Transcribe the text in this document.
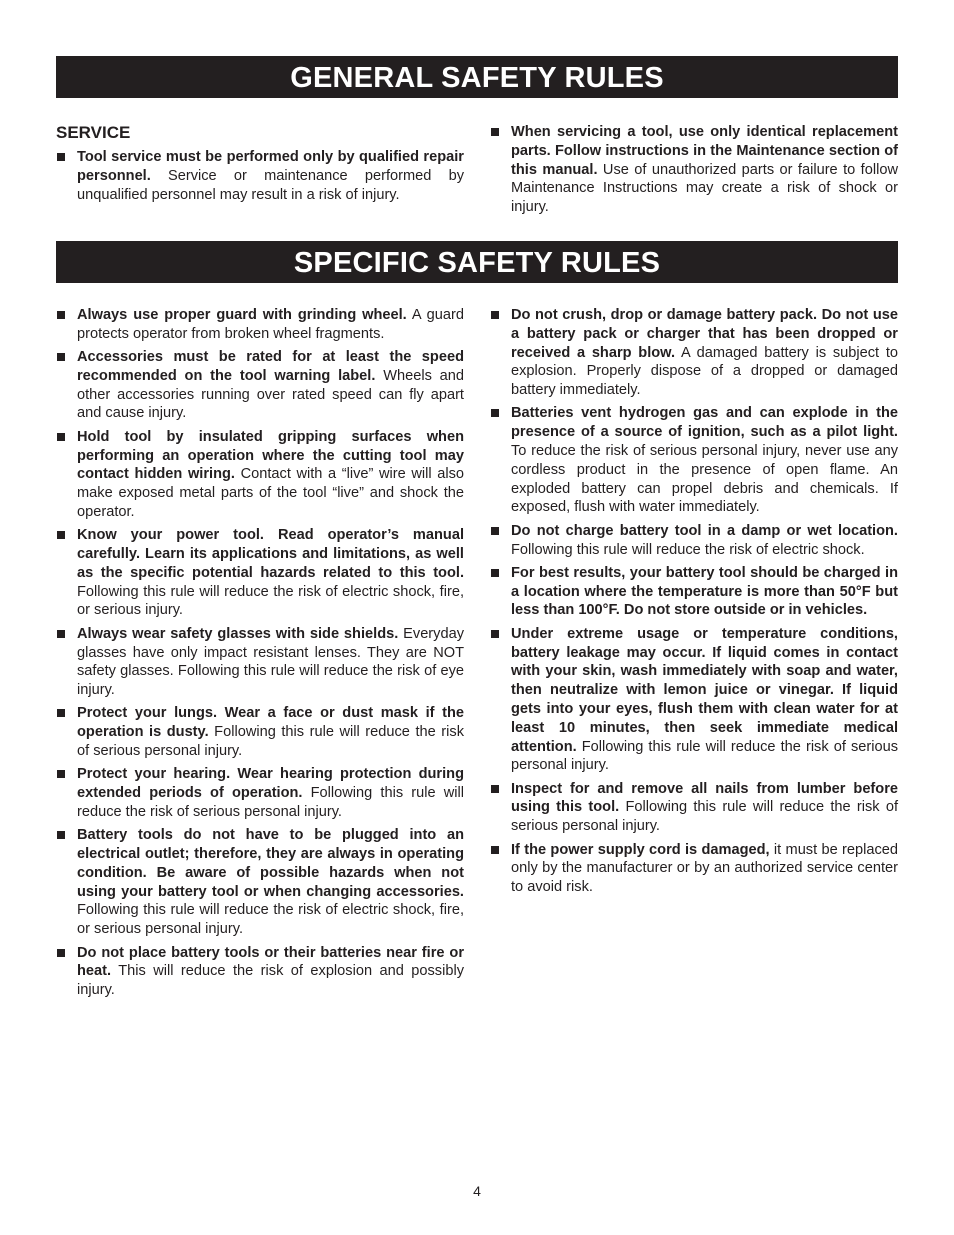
GENERAL SAFETY RULES
SERVICE
Tool service must be performed only by qualified repair personnel. Service or maintenance performed by unqualified personnel may result in a risk of injury.
When servicing a tool, use only identical replacement parts. Follow instructions in the Maintenance section of this manual. Use of unauthorized parts or failure to follow Maintenance Instructions may create a risk of shock or injury.
SPECIFIC SAFETY RULES
Always use proper guard with grinding wheel. A guard protects operator from broken wheel fragments.
Accessories must be rated for at least the speed recommended on the tool warning label. Wheels and other accessories running over rated speed can fly apart and cause injury.
Hold tool by insulated gripping surfaces when performing an operation where the cutting tool may contact hidden wiring. Contact with a “live” wire will also make exposed metal parts of the tool “live” and shock the operator.
Know your power tool. Read operator’s manual carefully. Learn its applications and limitations, as well as the specific potential hazards related to this tool. Following this rule will reduce the risk of electric shock, fire, or serious injury.
Always wear safety glasses with side shields. Everyday glasses have only impact resistant lenses. They are NOT safety glasses. Following this rule will reduce the risk of eye injury.
Protect your lungs. Wear a face or dust mask if the operation is dusty. Following this rule will reduce the risk of serious personal injury.
Protect your hearing. Wear hearing protection during extended periods of operation. Following this rule will reduce the risk of serious personal injury.
Battery tools do not have to be plugged into an electrical outlet; therefore, they are always in operating condition. Be aware of possible hazards when not using your battery tool or when changing accessories. Following this rule will reduce the risk of electric shock, fire, or serious personal injury.
Do not place battery tools or their batteries near fire or heat. This will reduce the risk of explosion and possibly injury.
Do not crush, drop or damage battery pack. Do not use a battery pack or charger that has been dropped or received a sharp blow. A damaged battery is subject to explosion. Properly dispose of a dropped or damaged battery immediately.
Batteries vent hydrogen gas and can explode in the presence of a source of ignition, such as a pilot light. To reduce the risk of serious personal injury, never use any cordless product in the presence of open flame. An exploded battery can propel debris and chemicals. If exposed, flush with water immediately.
Do not charge battery tool in a damp or wet location. Following this rule will reduce the risk of electric shock.
For best results, your battery tool should be charged in a location where the temperature is more than 50°F but less than 100°F. Do not store outside or in vehicles.
Under extreme usage or temperature conditions, battery leakage may occur. If liquid comes in contact with your skin, wash immediately with soap and water, then neutralize with lemon juice or vinegar. If liquid gets into your eyes, flush them with clean water for at least 10 minutes, then seek immediate medical attention. Following this rule will reduce the risk of serious personal injury.
Inspect for and remove all nails from lumber before using this tool. Following this rule will reduce the risk of serious personal injury.
If the power supply cord is damaged, it must be replaced only by the manufacturer or by an authorized service center to avoid risk.
4
